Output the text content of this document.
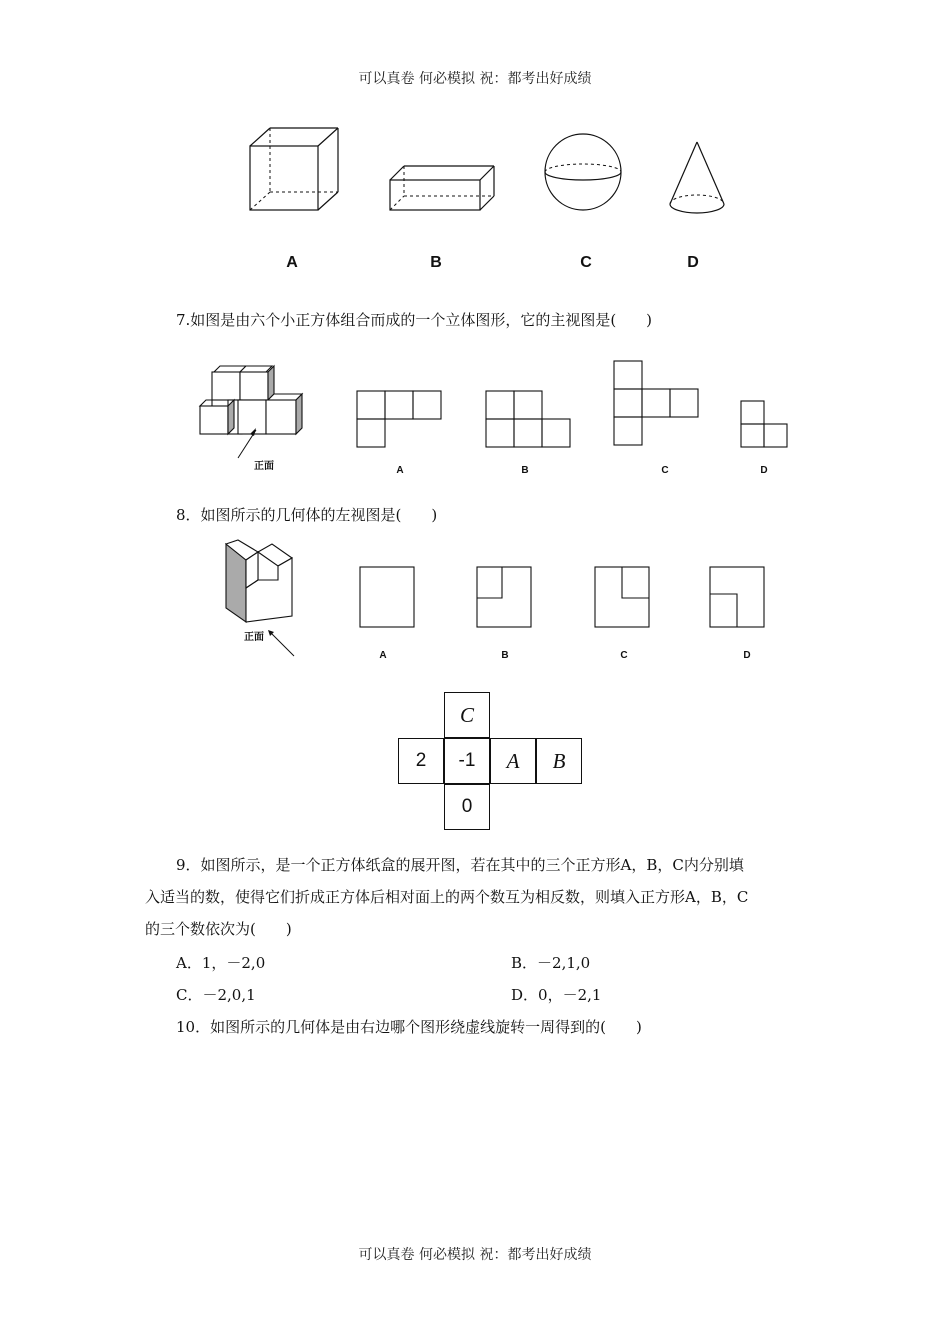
可以真卷 何必模拟 祝：都考出好成绩
可以真卷 何必模拟 祝：都考出好成绩
A	B	C	D
7.如图是由六个小正方体组合而成的一个立体图形，它的主视图是(　　)
正面	A	B	C	D
8．如图所示的几何体的左视图是(　　)
正面
A	B	C	D
C
2	-1	A	B
0
9．如图所示，是一个正方体纸盒的展开图，若在其中的三个正方形A，B，C内分别填
入适当的数，使得它们折成正方体后相对面上的两个数互为相反数，则填入正方形A，B，C
的三个数依次为(　　)
A．1，－2,0	B．－2,1,0
C．－2,0,1	D．0，－2,1
10．如图所示的几何体是由右边哪个图形绕虚线旋转一周得到的(　　)
